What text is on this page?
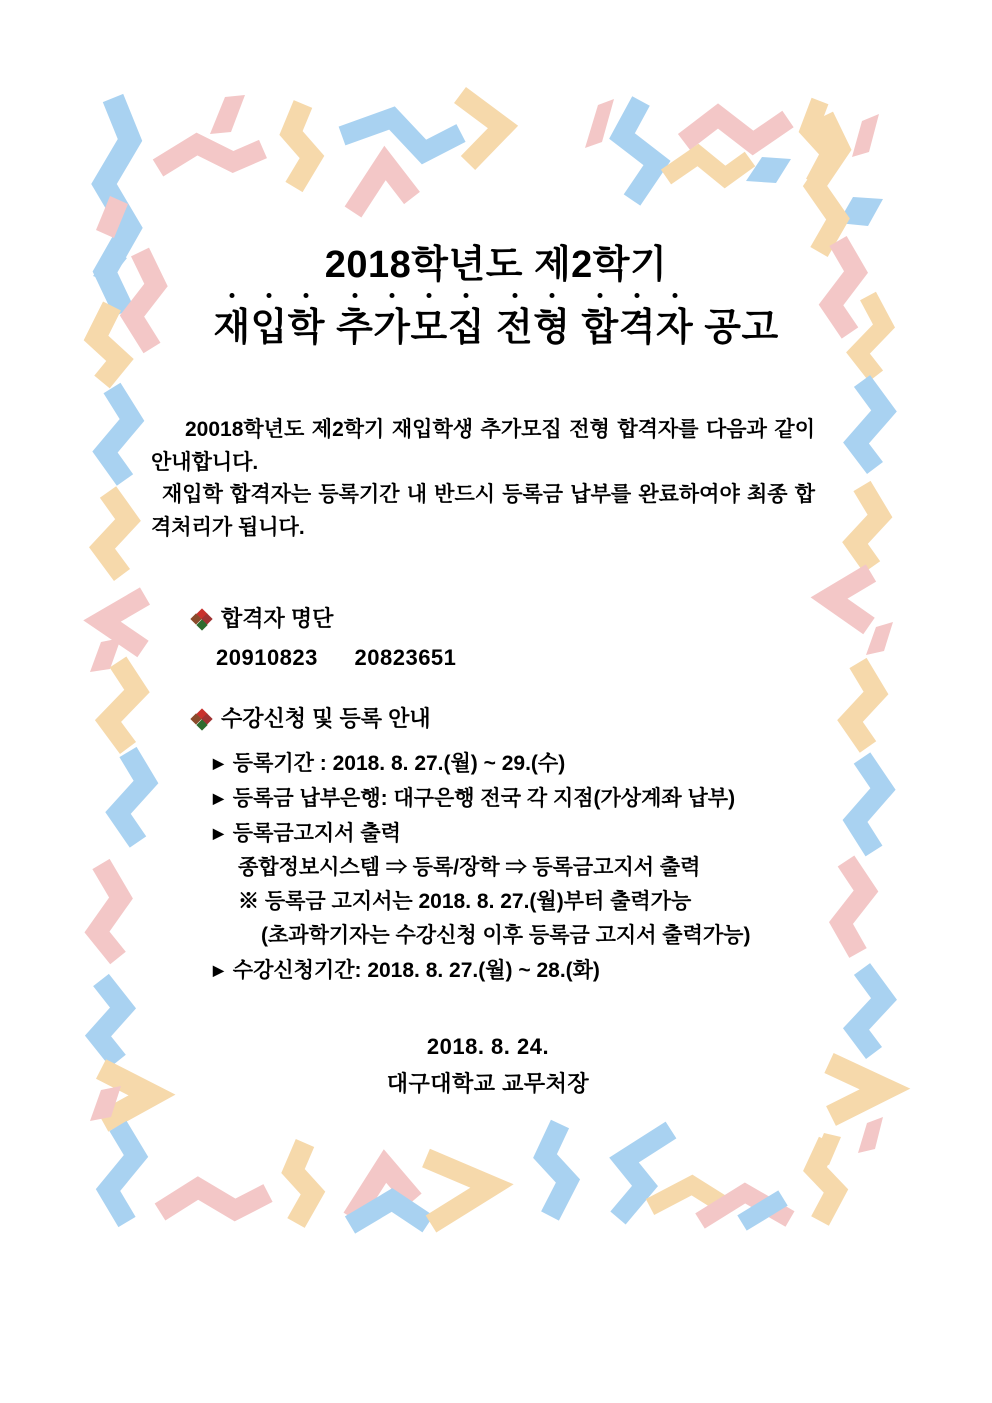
2018학년도 제2학기
재입학 추가모집 전형 합격자 공고
20018학년도 제2학기 재입학생 추가모집 전형 합격자를 다음과 같이
안내합니다.
재입학 합격자는 등록기간 내 반드시 등록금 납부를 완료하여야 최종 합
격처리가 됩니다.
합격자 명단
20910823 20823651
수강신청 및 등록 안내
▶ 등록기간 : 2018. 8. 27.(월) ~ 29.(수)
▶ 등록금 납부은행: 대구은행 전국 각 지점(가상계좌 납부)
▶ 등록금고지서 출력
종합정보시스템 ⇒ 등록/장학 ⇒ 등록금고지서 출력
※ 등록금 고지서는 2018. 8. 27.(월)부터 출력가능
(초과학기자는 수강신청 이후 등록금 고지서 출력가능)
▶ 수강신청기간: 2018. 8. 27.(월) ~ 28.(화)
2018. 8. 24.
대구대학교 교무처장
